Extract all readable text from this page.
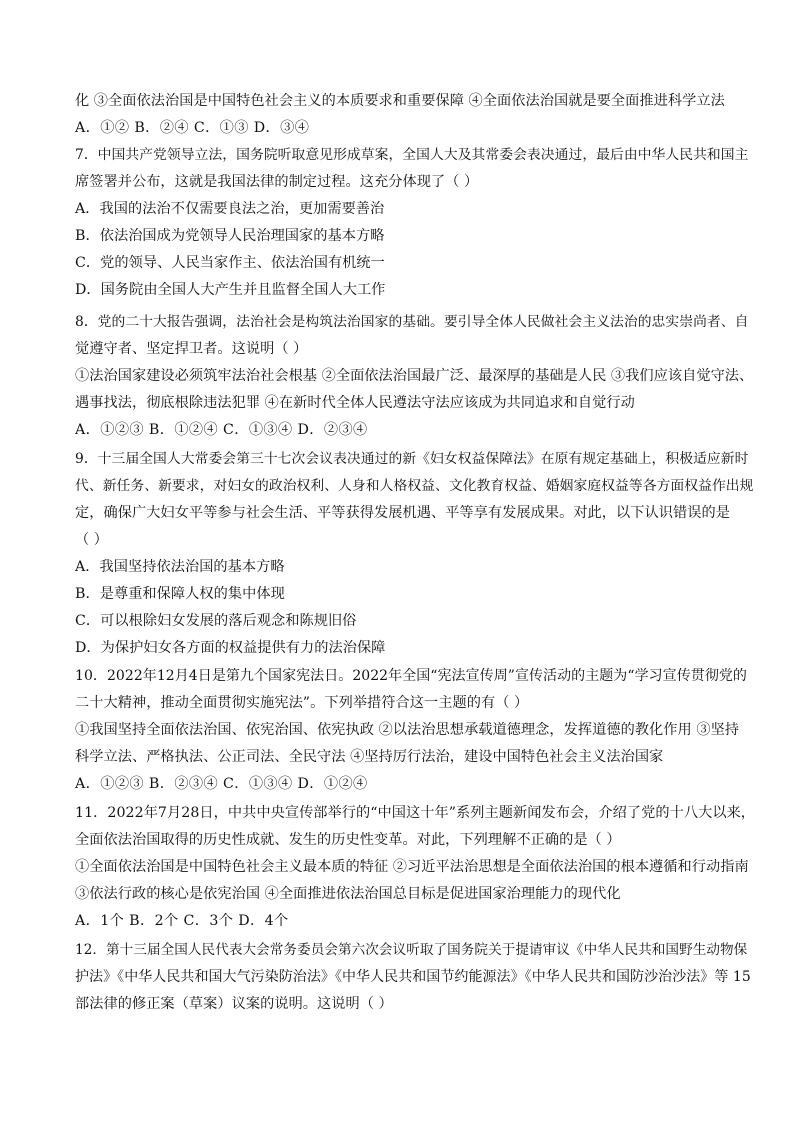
化 ③全面依法治国是中国特色社会主义的本质要求和重要保障 ④全面依法治国就是要全面推进科学立法
A．①② B．②④ C．①③ D．③④
7．中国共产党领导立法，国务院听取意见形成草案，全国人大及其常委会表决通过，最后由中华人民共和国主
席签署并公布，这就是我国法律的制定过程。这充分体现了（ ）
A．我国的法治不仅需要良法之治，更加需要善治
B．依法治国成为党领导人民治理国家的基本方略
C．党的领导、人民当家作主、依法治国有机统一
D．国务院由全国人大产生并且监督全国人大工作
8．党的二十大报告强调，法治社会是构筑法治国家的基础。要引导全体人民做社会主义法治的忠实崇尚者、自
觉遵守者、坚定捍卫者。这说明（ ）
①法治国家建设必须筑牢法治社会根基 ②全面依法治国最广泛、最深厚的基础是人民 ③我们应该自觉守法、
遇事找法，彻底根除违法犯罪 ④在新时代全体人民遵法守法应该成为共同追求和自觉行动
A．①②③ B．①②④ C．①③④ D．②③④
9．十三届全国人大常委会第三十七次会议表决通过的新《妇女权益保障法》在原有规定基础上，积极适应新时
代、新任务、新要求，对妇女的政治权利、人身和人格权益、文化教育权益、婚姻家庭权益等各方面权益作出规
定，确保广大妇女平等参与社会生活、平等获得发展机遇、平等享有发展成果。对此，以下认识错误的是
（ ）
A．我国坚持依法治国的基本方略
B．是尊重和保障人权的集中体现
C．可以根除妇女发展的落后观念和陈规旧俗
D．为保护妇女各方面的权益提供有力的法治保障
10．2022年12月4日是第九个国家宪法日。2022年全国“宪法宣传周”宣传活动的主题为“学习宣传贯彻党的
二十大精神，推动全面贯彻实施宪法”。下列举措符合这一主题的有（ ）
①我国坚持全面依法治国、依宪治国、依宪执政 ②以法治思想承载道德理念，发挥道德的教化作用 ③坚持
科学立法、严格执法、公正司法、全民守法 ④坚持厉行法治，建设中国特色社会主义法治国家
A．①②③ B．②③④ C．①③④ D．①②④
11．2022年7月28日，中共中央宣传部举行的“中国这十年”系列主题新闻发布会，介绍了党的十八大以来，
全面依法治国取得的历史性成就、发生的历史性变革。对此，下列理解不正确的是（ ）
①全面依法治国是中国特色社会主义最本质的特征 ②习近平法治思想是全面依法治国的根本遵循和行动指南
③依法行政的核心是依宪治国 ④全面推进依法治国总目标是促进国家治理能力的现代化
A．1个 B．2个 C．3个 D．4个
12．第十三届全国人民代表大会常务委员会第六次会议听取了国务院关于提请审议《中华人民共和国野生动物保
护法》《中华人民共和国大气污染防治法》《中华人民共和国节约能源法》《中华人民共和国防沙治沙法》等 15
部法律的修正案（草案）议案的说明。这说明（ ）
